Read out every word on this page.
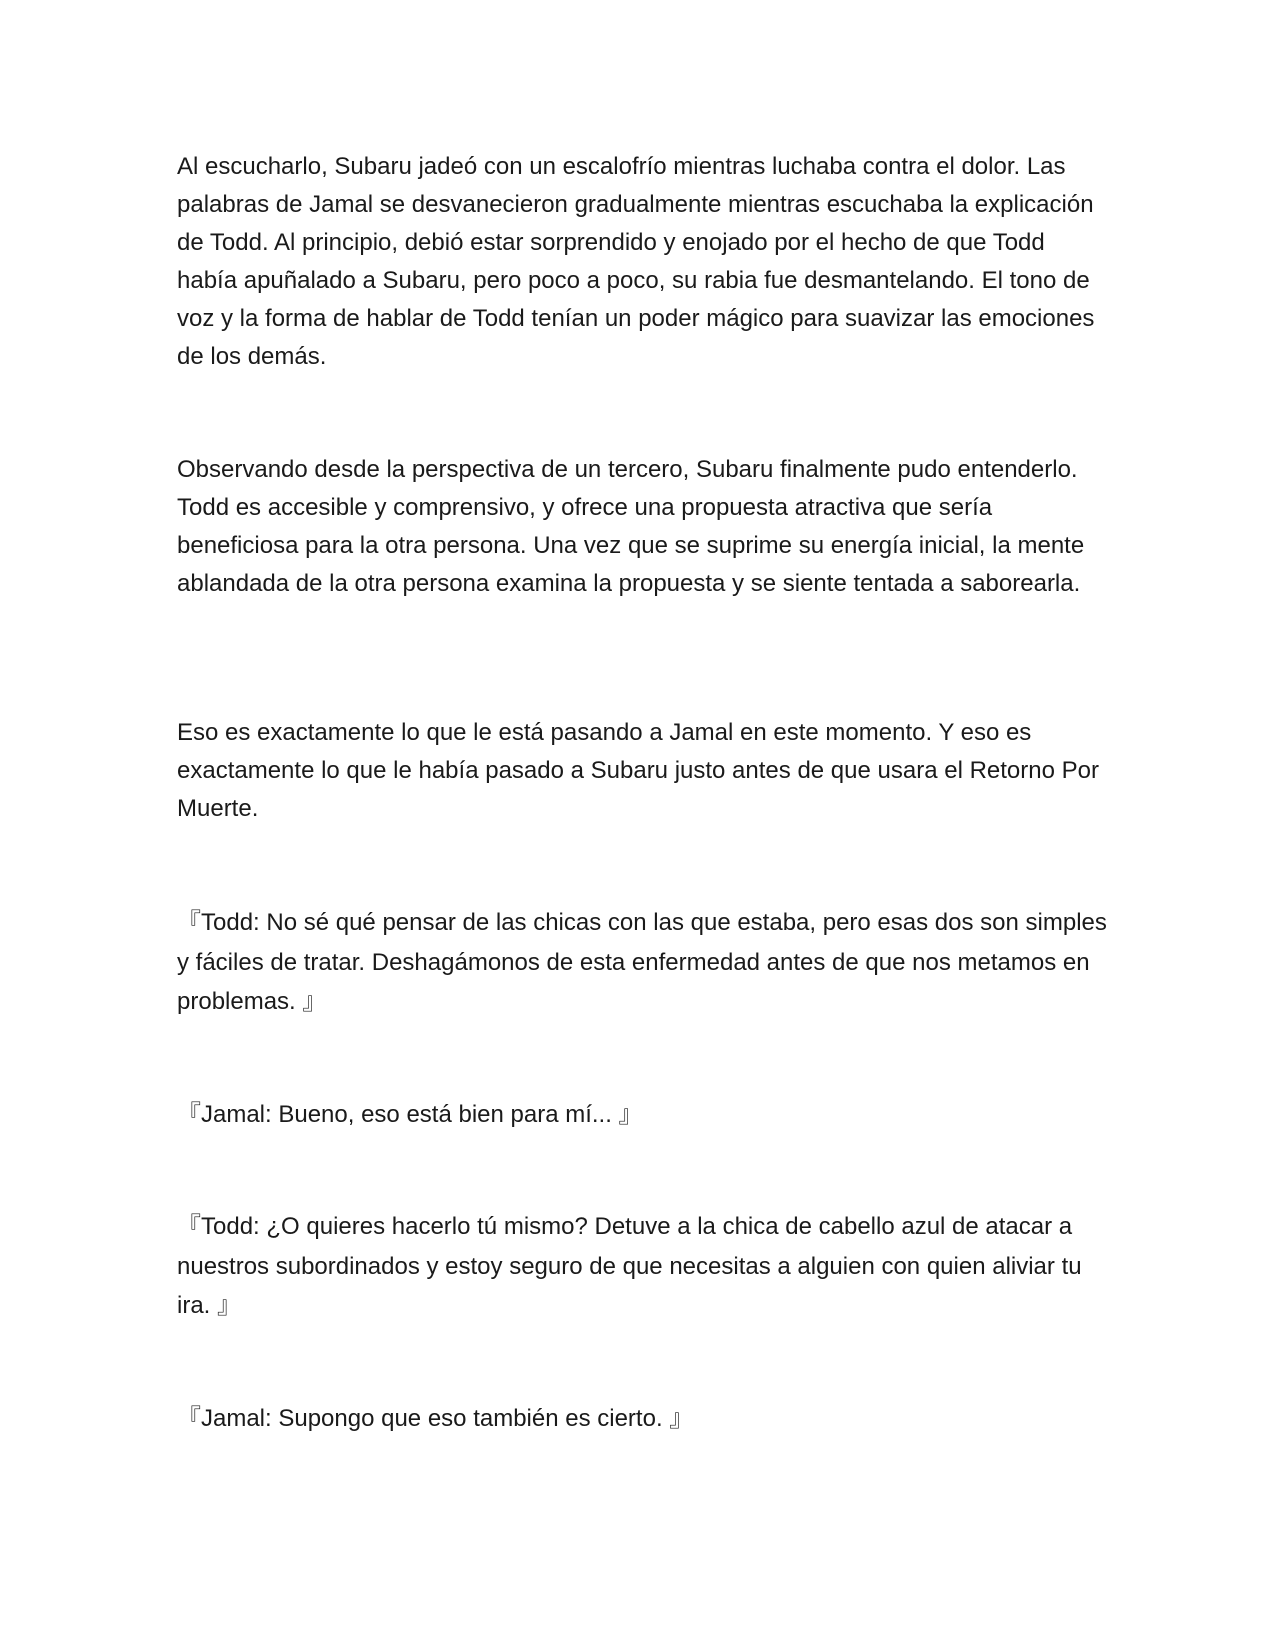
Al escucharlo, Subaru jadeó con un escalofrío mientras luchaba contra el dolor. Las palabras de Jamal se desvanecieron gradualmente mientras escuchaba la explicación de Todd. Al principio, debió estar sorprendido y enojado por el hecho de que Todd había apuñalado a Subaru, pero poco a poco, su rabia fue desmantelando. El tono de voz y la forma de hablar de Todd tenían un poder mágico para suavizar las emociones de los demás.

Observando desde la perspectiva de un tercero, Subaru finalmente pudo entenderlo. Todd es accesible y comprensivo, y ofrece una propuesta atractiva que sería beneficiosa para la otra persona. Una vez que se suprime su energía inicial, la mente ablandada de la otra persona examina la propuesta y se siente tentada a saborearla.

Eso es exactamente lo que le está pasando a Jamal en este momento. Y eso es exactamente lo que le había pasado a Subaru justo antes de que usara el Retorno Por Muerte.

『Todd: No sé qué pensar de las chicas con las que estaba, pero esas dos son simples y fáciles de tratar. Deshagámonos de esta enfermedad antes de que nos metamos en problemas. 』

『Jamal: Bueno, eso está bien para mí... 』

『Todd: ¿O quieres hacerlo tú mismo? Detuve a la chica de cabello azul de atacar a nuestros subordinados y estoy seguro de que necesitas a alguien con quien aliviar tu ira. 』

『Jamal: Supongo que eso también es cierto. 』
